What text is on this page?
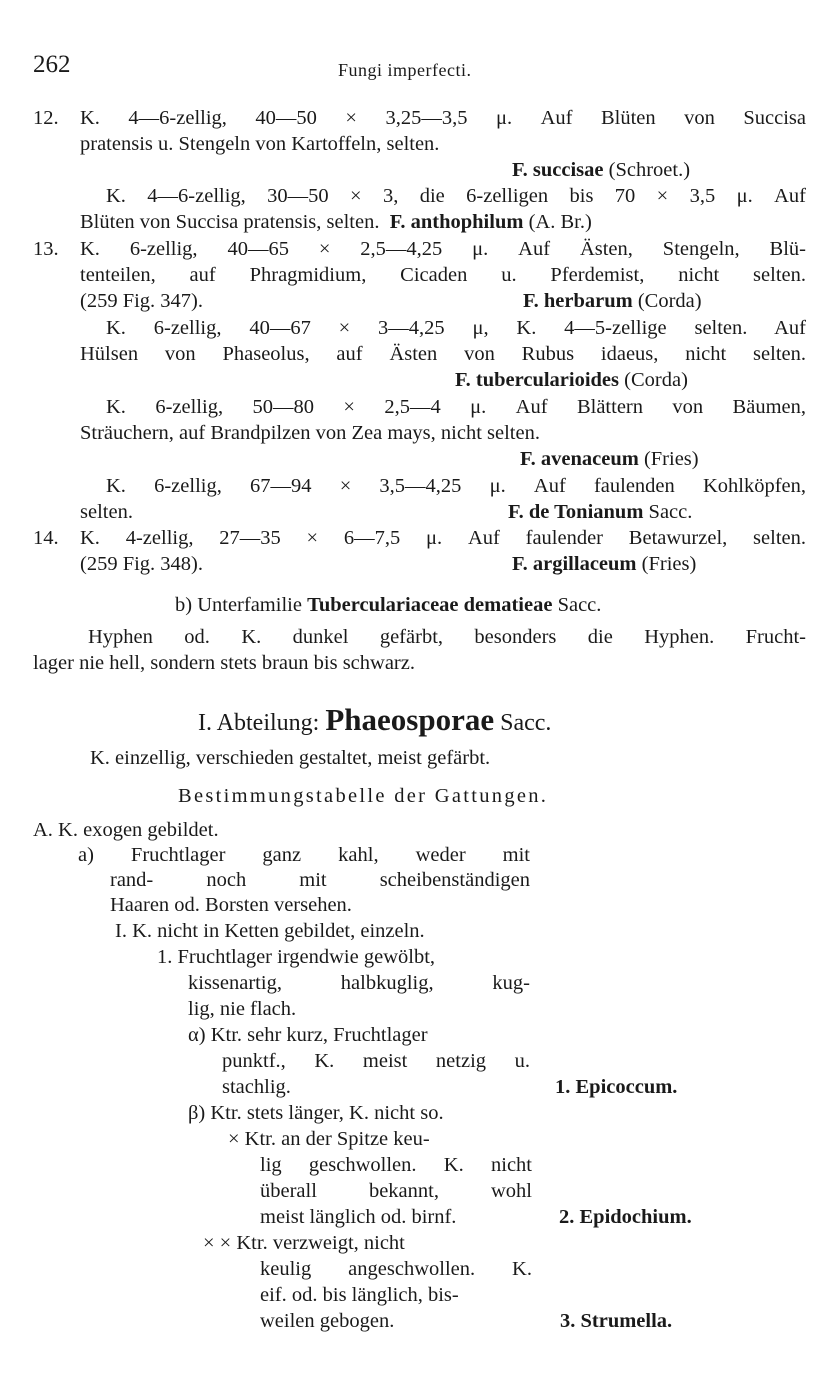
262	Fungi imperfecti.
12. K. 4—6-zellig, 40—50 × 3,25—3,5 μ. Auf Blüten von Succisa
pratensis u. Stengeln von Kartoffeln, selten.
F. succisae (Schroet.)
K. 4—6-zellig, 30—50 × 3, die 6-zelligen bis 70 × 3,5 μ. Auf
Blüten von Succisa pratensis, selten. F. anthophilum (A. Br.)
13. K. 6-zellig, 40—65 × 2,5—4,25 μ. Auf Ästen, Stengeln, Blü-
tenteilen, auf Phragmidium, Cicaden u. Pferdemist, nicht selten.
(259 Fig. 347).	F. herbarum (Corda)
K. 6-zellig, 40—67 × 3—4,25 μ, K. 4—5-zellige selten. Auf
Hülsen von Phaseolus, auf Ästen von Rubus idaeus, nicht selten.
F. tubercularioides (Corda)
K. 6-zellig, 50—80 × 2,5—4 μ. Auf Blättern von Bäumen,
Sträuchern, auf Brandpilzen von Zea mays, nicht selten.
F. avenaceum (Fries)
K. 6-zellig, 67—94 × 3,5—4,25 μ. Auf faulenden Kohlköpfen,
selten.	F. de Tonianum Sacc.
14. K. 4-zellig, 27—35 × 6—7,5 μ. Auf faulender Betawurzel, selten.
(259 Fig. 348).	F. argillaceum (Fries)
b) Unterfamilie Tuberculariaceae dematieae Sacc.
Hyphen od. K. dunkel gefärbt, besonders die Hyphen. Frucht-
lager nie hell, sondern stets braun bis schwarz.
I. Abteilung: Phaeosporae Sacc.
K. einzellig, verschieden gestaltet, meist gefärbt.
Bestimmungstabelle der Gattungen.
A. K. exogen gebildet.
a) Fruchtlager ganz kahl, weder mit
rand- noch mit scheibenständigen
Haaren od. Borsten versehen.
I. K. nicht in Ketten gebildet, einzeln.
1. Fruchtlager irgendwie gewölbt,
kissenartig, halbkuglig, kug-
lig, nie flach.
α) Ktr. sehr kurz, Fruchtlager
punktf., K. meist netzig u.
stachlig.	1. Epicoccum.
β) Ktr. stets länger, K. nicht so.
× Ktr. an der Spitze keu-
lig geschwollen. K. nicht
überall bekannt, wohl
meist länglich od. birnf.	2. Epidochium.
× × Ktr. verzweigt, nicht
keulig angeschwollen. K.
eif. od. bis länglich, bis-
weilen gebogen.	3. Strumella.
